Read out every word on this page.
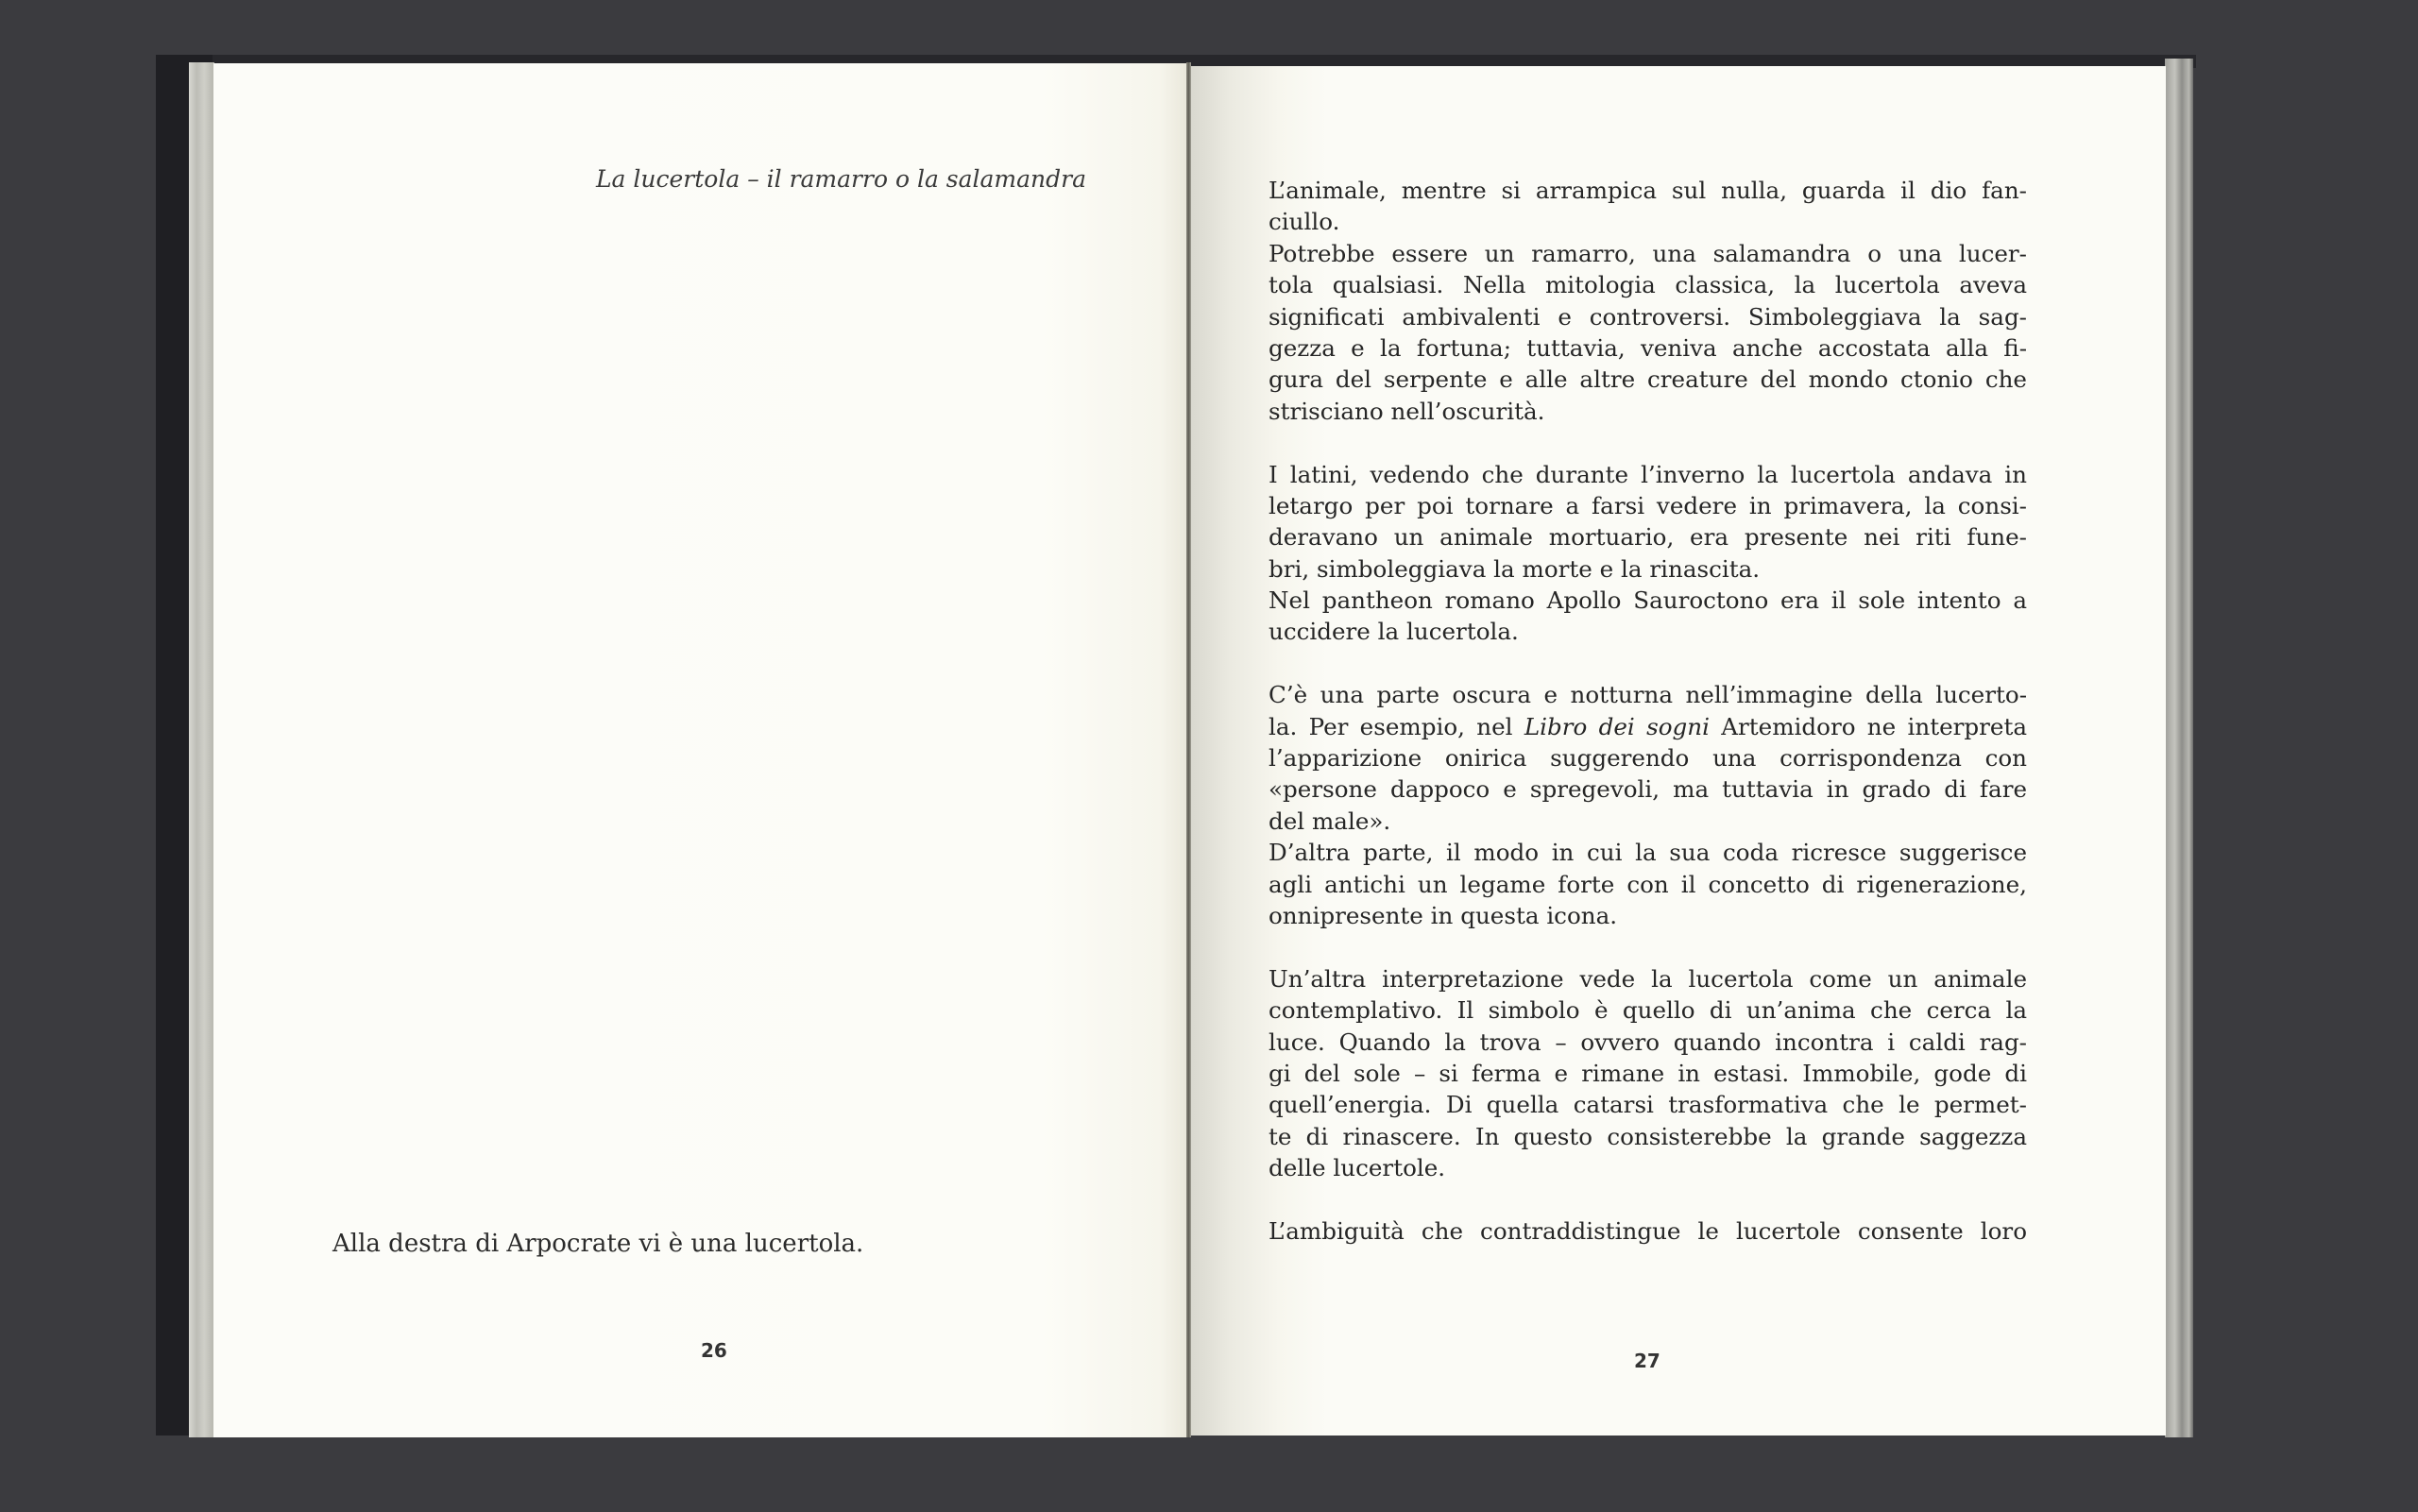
La lucertola – il ramarro o la salamandra
Alla destra di Arpocrate vi è una lucertola.
26
L’animale, mentre si arrampica sul nulla, guarda il dio fan-
ciullo.
Potrebbe essere un ramarro, una salamandra o una lucer-
tola qualsiasi. Nella mitologia classica, la lucertola aveva
significati ambivalenti e controversi. Simboleggiava la sag-
gezza e la fortuna; tuttavia, veniva anche accostata alla fi-
gura del serpente e alle altre creature del mondo ctonio che
strisciano nell’oscurità.
I latini, vedendo che durante l’inverno la lucertola andava in
letargo per poi tornare a farsi vedere in primavera, la consi-
deravano un animale mortuario, era presente nei riti fune-
bri, simboleggiava la morte e la rinascita.
Nel pantheon romano Apollo Sauroctono era il sole intento a
uccidere la lucertola.
C’è una parte oscura e notturna nell’immagine della lucerto-
la. Per esempio, nel Libro dei sogni Artemidoro ne interpreta
l’apparizione onirica suggerendo una corrispondenza con
«persone dappoco e spregevoli, ma tuttavia in grado di fare
del male».
D’altra parte, il modo in cui la sua coda ricresce suggerisce
agli antichi un legame forte con il concetto di rigenerazione,
onnipresente in questa icona.
Un’altra interpretazione vede la lucertola come un animale
contemplativo. Il simbolo è quello di un’anima che cerca la
luce. Quando la trova – ovvero quando incontra i caldi rag-
gi del sole – si ferma e rimane in estasi. Immobile, gode di
quell’energia. Di quella catarsi trasformativa che le permet-
te di rinascere. In questo consisterebbe la grande saggezza
delle lucertole.
L’ambiguità che contraddistingue le lucertole consente loro
27
